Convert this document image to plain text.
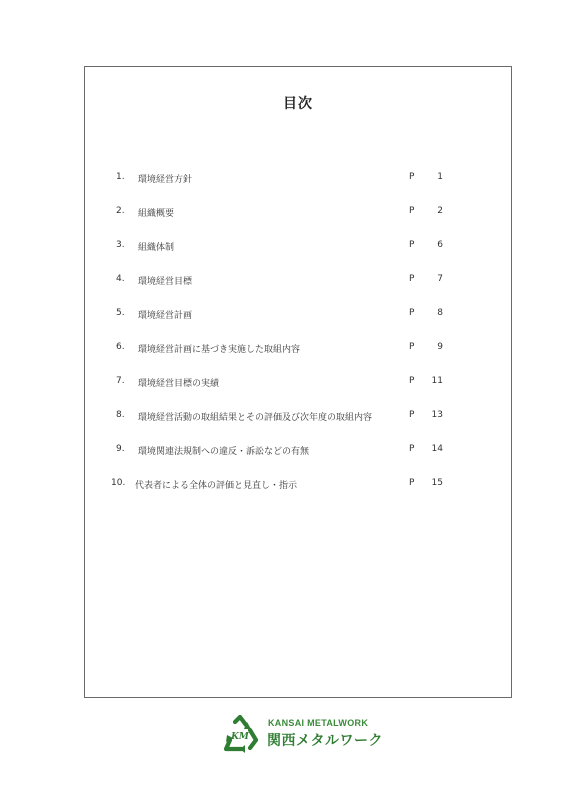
目次
1. 環境経営方針	P	1
2. 組織概要	P	2
3. 組織体制	P	6
4. 環境経営目標	P	7
5. 環境経営計画	P	8
6. 環境経営計画に基づき実施した取組内容	P	9
7. 環境経営目標の実績	P 11
8. 環境経営活動の取組結果とその評価及び次年度の取組内容	P 13
9. 環境関連法規制への違反・訴訟などの有無	P 14
10. 代表者による全体の評価と見直し・指示	P 15
KM
KANSAI METALWORK
関西メタルワーク
